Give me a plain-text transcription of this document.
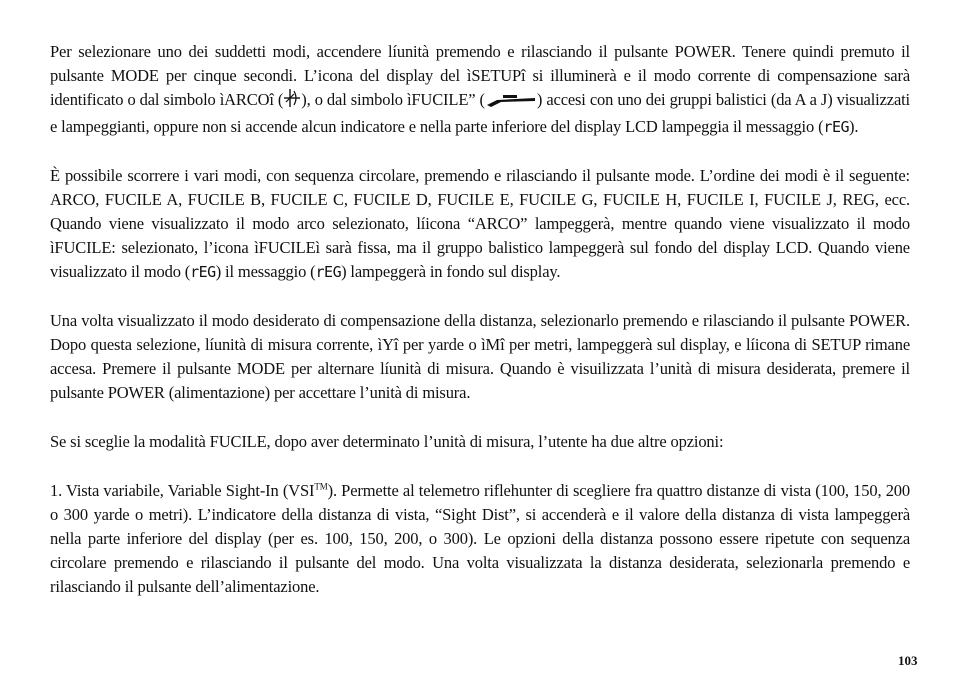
Per selezionare uno dei suddetti modi, accendere líunità premendo e rilasciando il pulsante POWER. Tenere quindi premuto il pulsante MODE per cinque secondi. L’icona del display del ìSETUPî si illuminerà e il modo corrente di compensazione sarà identificato o dal simbolo ìARCOî ( ), o dal simbolo ìFUCILE” (	) accesi con uno dei gruppi balistici (da A a J) visualizzati e lampeggianti, oppure non si accende alcun indicatore e nella parte inferiore del display LCD lampeggia il messaggio (rEG).

È possibile scorrere i vari modi, con sequenza circolare, premendo e rilasciando il pulsante mode. L’ordine dei modi è il seguente: ARCO, FUCILE A, FUCILE B, FUCILE C, FUCILE D, FUCILE E, FUCILE G, FUCILE H, FUCILE I, FUCILE J, REG, ecc. Quando viene visualizzato il modo arco selezionato, líicona “ARCO” lampeggerà, mentre quando viene visualizzato il modo ìFUCILE: selezionato, l’icona ìFUCILEì sarà fissa, ma il gruppo balistico lampeggerà sul fondo del display LCD. Quando viene visualizzato il modo (rEG) il messaggio (rEG) lampeggerà in fondo sul display.

Una volta visualizzato il modo desiderato di compensazione della distanza, selezionarlo premendo e rilasciando il pulsante POWER. Dopo questa selezione, líunità di misura corrente, ìYî per yarde o ìMî per metri, lampeggerà sul display, e líicona di SETUP rimane accesa. Premere il pulsante MODE per alternare líunità di misura. Quando è visuilizzata l’unità di misura desiderata, premere il pulsante POWER (alimentazione) per accettare l’unità di misura.

Se si sceglie la modalità FUCILE, dopo aver determinato l’unità di misura, l’utente ha due altre opzioni:

1. Vista variabile, Variable Sight-In (VSI™). Permette al telemetro riflehunter di scegliere fra quattro distanze di vista (100, 150, 200 o 300 yarde o metri). L’indicatore della distanza di vista, “Sight Dist”, si accenderà e il valore della distanza di vista lampeggerà nella parte inferiore del display (per es. 100, 150, 200, o 300). Le opzioni della distanza possono essere ripetute con sequenza circolare premendo e rilasciando il pulsante del modo. Una volta visualizzata la distanza desiderata, selezionarla premendo e rilasciando il pulsante dell’alimentazione.

103
